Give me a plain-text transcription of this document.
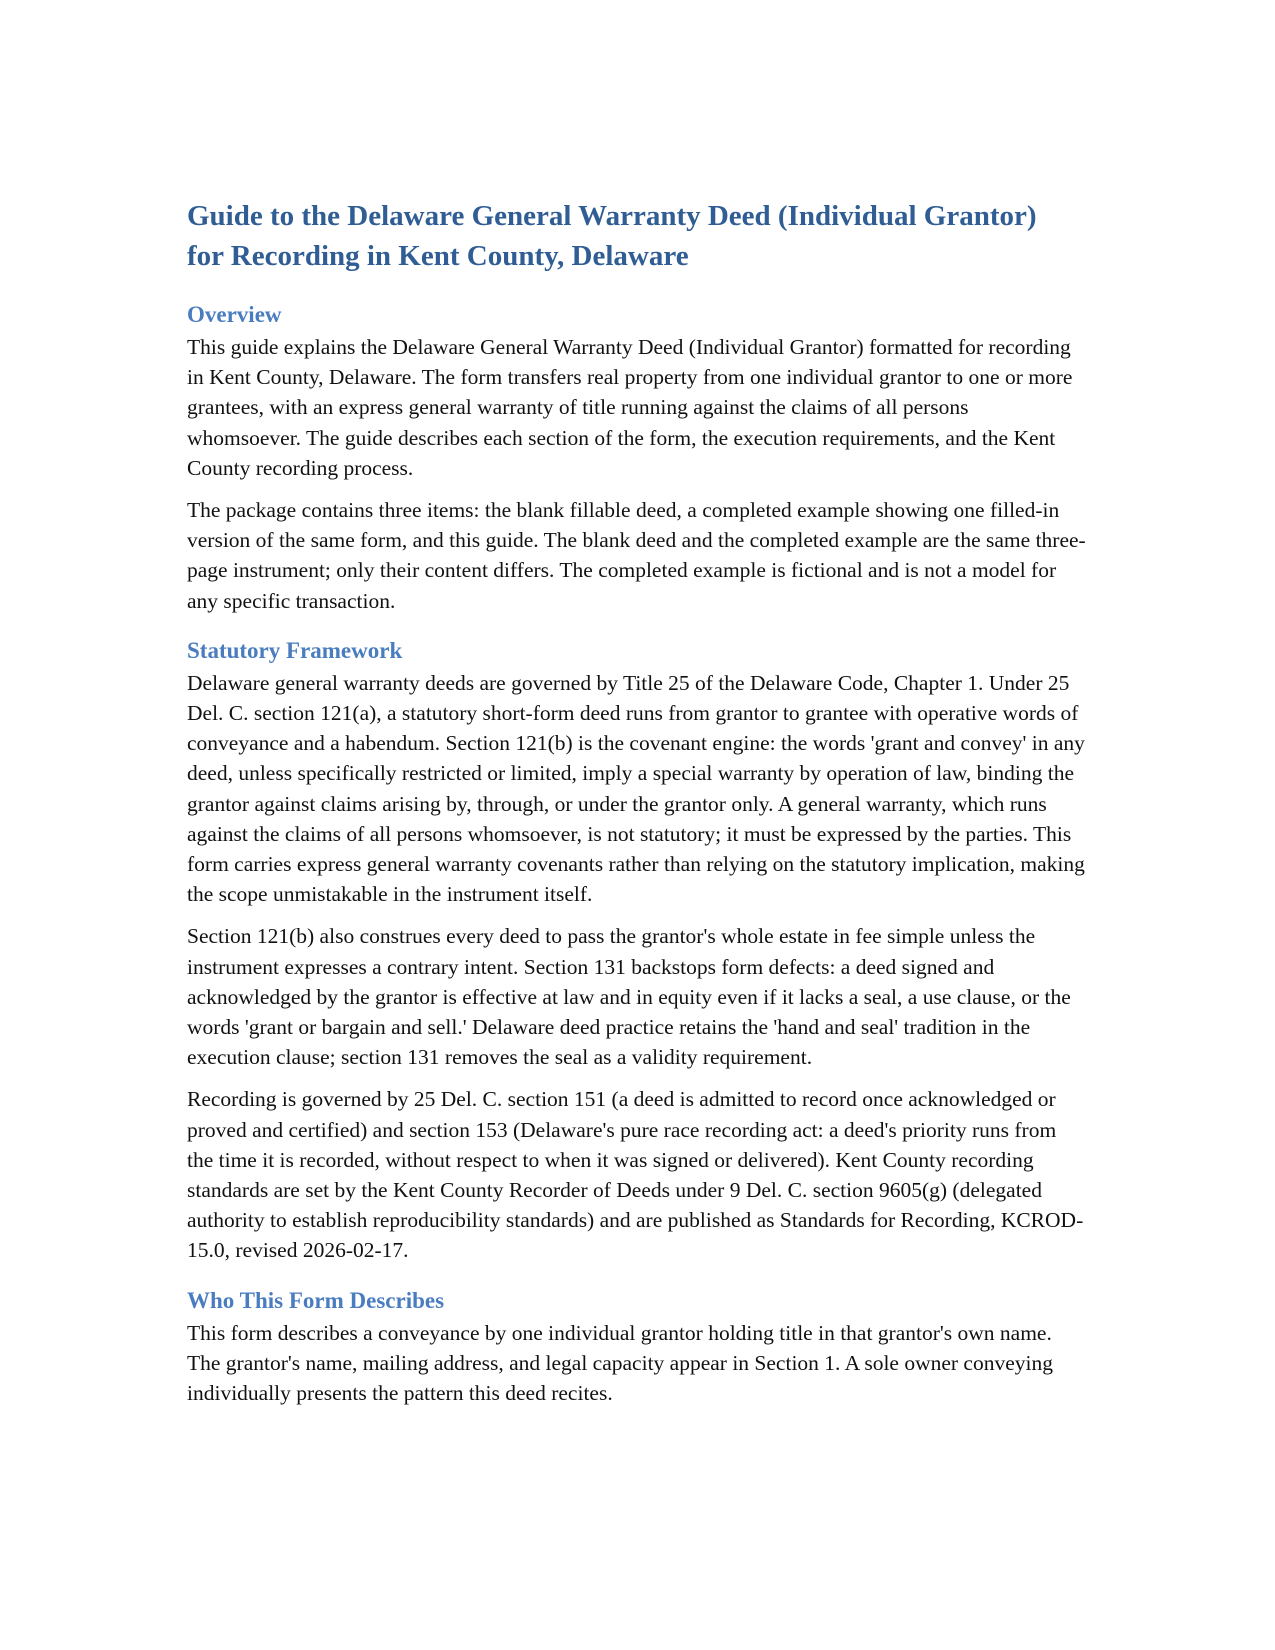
Guide to the Delaware General Warranty Deed (Individual Grantor)
for Recording in Kent County, Delaware
Overview

This guide explains the Delaware General Warranty Deed (Individual Grantor) formatted for recording in Kent County, Delaware. The form transfers real property from one individual grantor to one or more grantees, with an express general warranty of title running against the claims of all persons whomsoever. The guide describes each section of the form, the execution requirements, and the Kent County recording process.

The package contains three items: the blank fillable deed, a completed example showing one filled-in version of the same form, and this guide. The blank deed and the completed example are the same three-page instrument; only their content differs. The completed example is fictional and is not a model for any specific transaction.

Statutory Framework

Delaware general warranty deeds are governed by Title 25 of the Delaware Code, Chapter 1. Under 25 Del. C. section 121(a), a statutory short-form deed runs from grantor to grantee with operative words of conveyance and a habendum. Section 121(b) is the covenant engine: the words 'grant and convey' in any deed, unless specifically restricted or limited, imply a special warranty by operation of law, binding the grantor against claims arising by, through, or under the grantor only. A general warranty, which runs against the claims of all persons whomsoever, is not statutory; it must be expressed by the parties. This form carries express general warranty covenants rather than relying on the statutory implication, making the scope unmistakable in the instrument itself.

Section 121(b) also construes every deed to pass the grantor's whole estate in fee simple unless the instrument expresses a contrary intent. Section 131 backstops form defects: a deed signed and acknowledged by the grantor is effective at law and in equity even if it lacks a seal, a use clause, or the words 'grant or bargain and sell.' Delaware deed practice retains the 'hand and seal' tradition in the execution clause; section 131 removes the seal as a validity requirement.

Recording is governed by 25 Del. C. section 151 (a deed is admitted to record once acknowledged or proved and certified) and section 153 (Delaware's pure race recording act: a deed's priority runs from the time it is recorded, without respect to when it was signed or delivered). Kent County recording standards are set by the Kent County Recorder of Deeds under 9 Del. C. section 9605(g) (delegated authority to establish reproducibility standards) and are published as Standards for Recording, KCROD-15.0, revised 2026-02-17.

Who This Form Describes

This form describes a conveyance by one individual grantor holding title in that grantor's own name. The grantor's name, mailing address, and legal capacity appear in Section 1. A sole owner conveying individually presents the pattern this deed recites.
